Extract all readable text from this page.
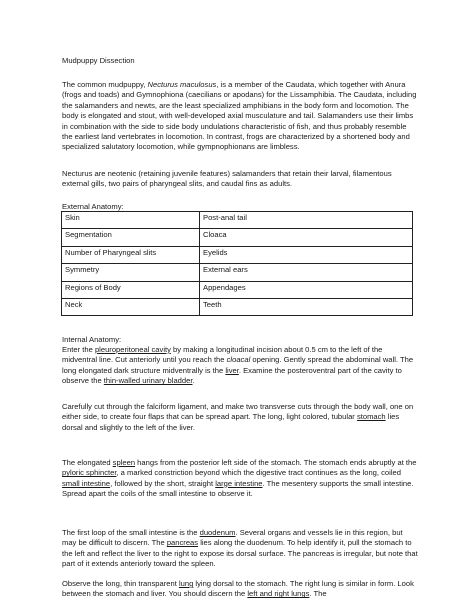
Mudpuppy Dissection

The common mudpuppy, Necturus maculosus, is a member of the Caudata, which together with Anura (frogs and toads) and Gymnophiona (caecilians or apodans) for the Lissamphibia. The Caudata, including the salamanders and newts, are the least specialized amphibians in the body form and locomotion. The body is elongated and stout, with well-developed axial musculature and tail. Salamanders use their limbs in combination with the side to side body undulations characteristic of fish, and thus probably resemble the earliest land vertebrates in locomotion. In contrast, frogs are characterized by a shortened body and specialized salutatory locomotion, while gympnophionans are limbless.

Necturus are neotenic (retaining juvenile features) salamanders that retain their larval, filamentous external gills, two pairs of pharyngeal slits, and caudal fins as adults.

External Anatomy:

Skin	Post-anal tail
Segmentation	Cloaca
Number of Pharyngeal slits	Eyelids
Symmetry	External ears
Regions of Body	Appendages
Neck	Teeth

Internal Anatomy:

Enter the pleuroperitoneal cavity by making a longitudinal incision about 0.5 cm to the left of the midventral line. Cut anteriorly until you reach the cloacal opening. Gently spread the abdominal wall. The long elongated dark structure midventrally is the liver. Examine the posteroventral part of the cavity to observe the thin-walled urinary bladder.

Carefully cut through the falciform ligament, and make two transverse cuts through the body wall, one on either side, to create four flaps that can be spread apart. The long, light colored, tubular stomach lies dorsal and slightly to the left of the liver.

The elongated spleen hangs from the posterior left side of the stomach. The stomach ends abruptly at the pyloric sphincter, a marked constriction beyond which the digestive tract continues as the long, coiled small intestine, followed by the short, straight large intestine. The mesentery supports the small intestine. Spread apart the coils of the small intestine to observe it.

The first loop of the small intestine is the duodenum. Several organs and vessels lie in this region, but may be difficult to discern. The pancreas lies along the duodenum. To help identify it, pull the stomach to the left and reflect the liver to the right to expose its dorsal surface. The pancreas is irregular, but note that part of it extends anteriorly toward the spleen.

Observe the long, thin transparent lung lying dorsal to the stomach. The right lung is similar in form. Look between the stomach and liver. You should discern the left and right lungs. The
